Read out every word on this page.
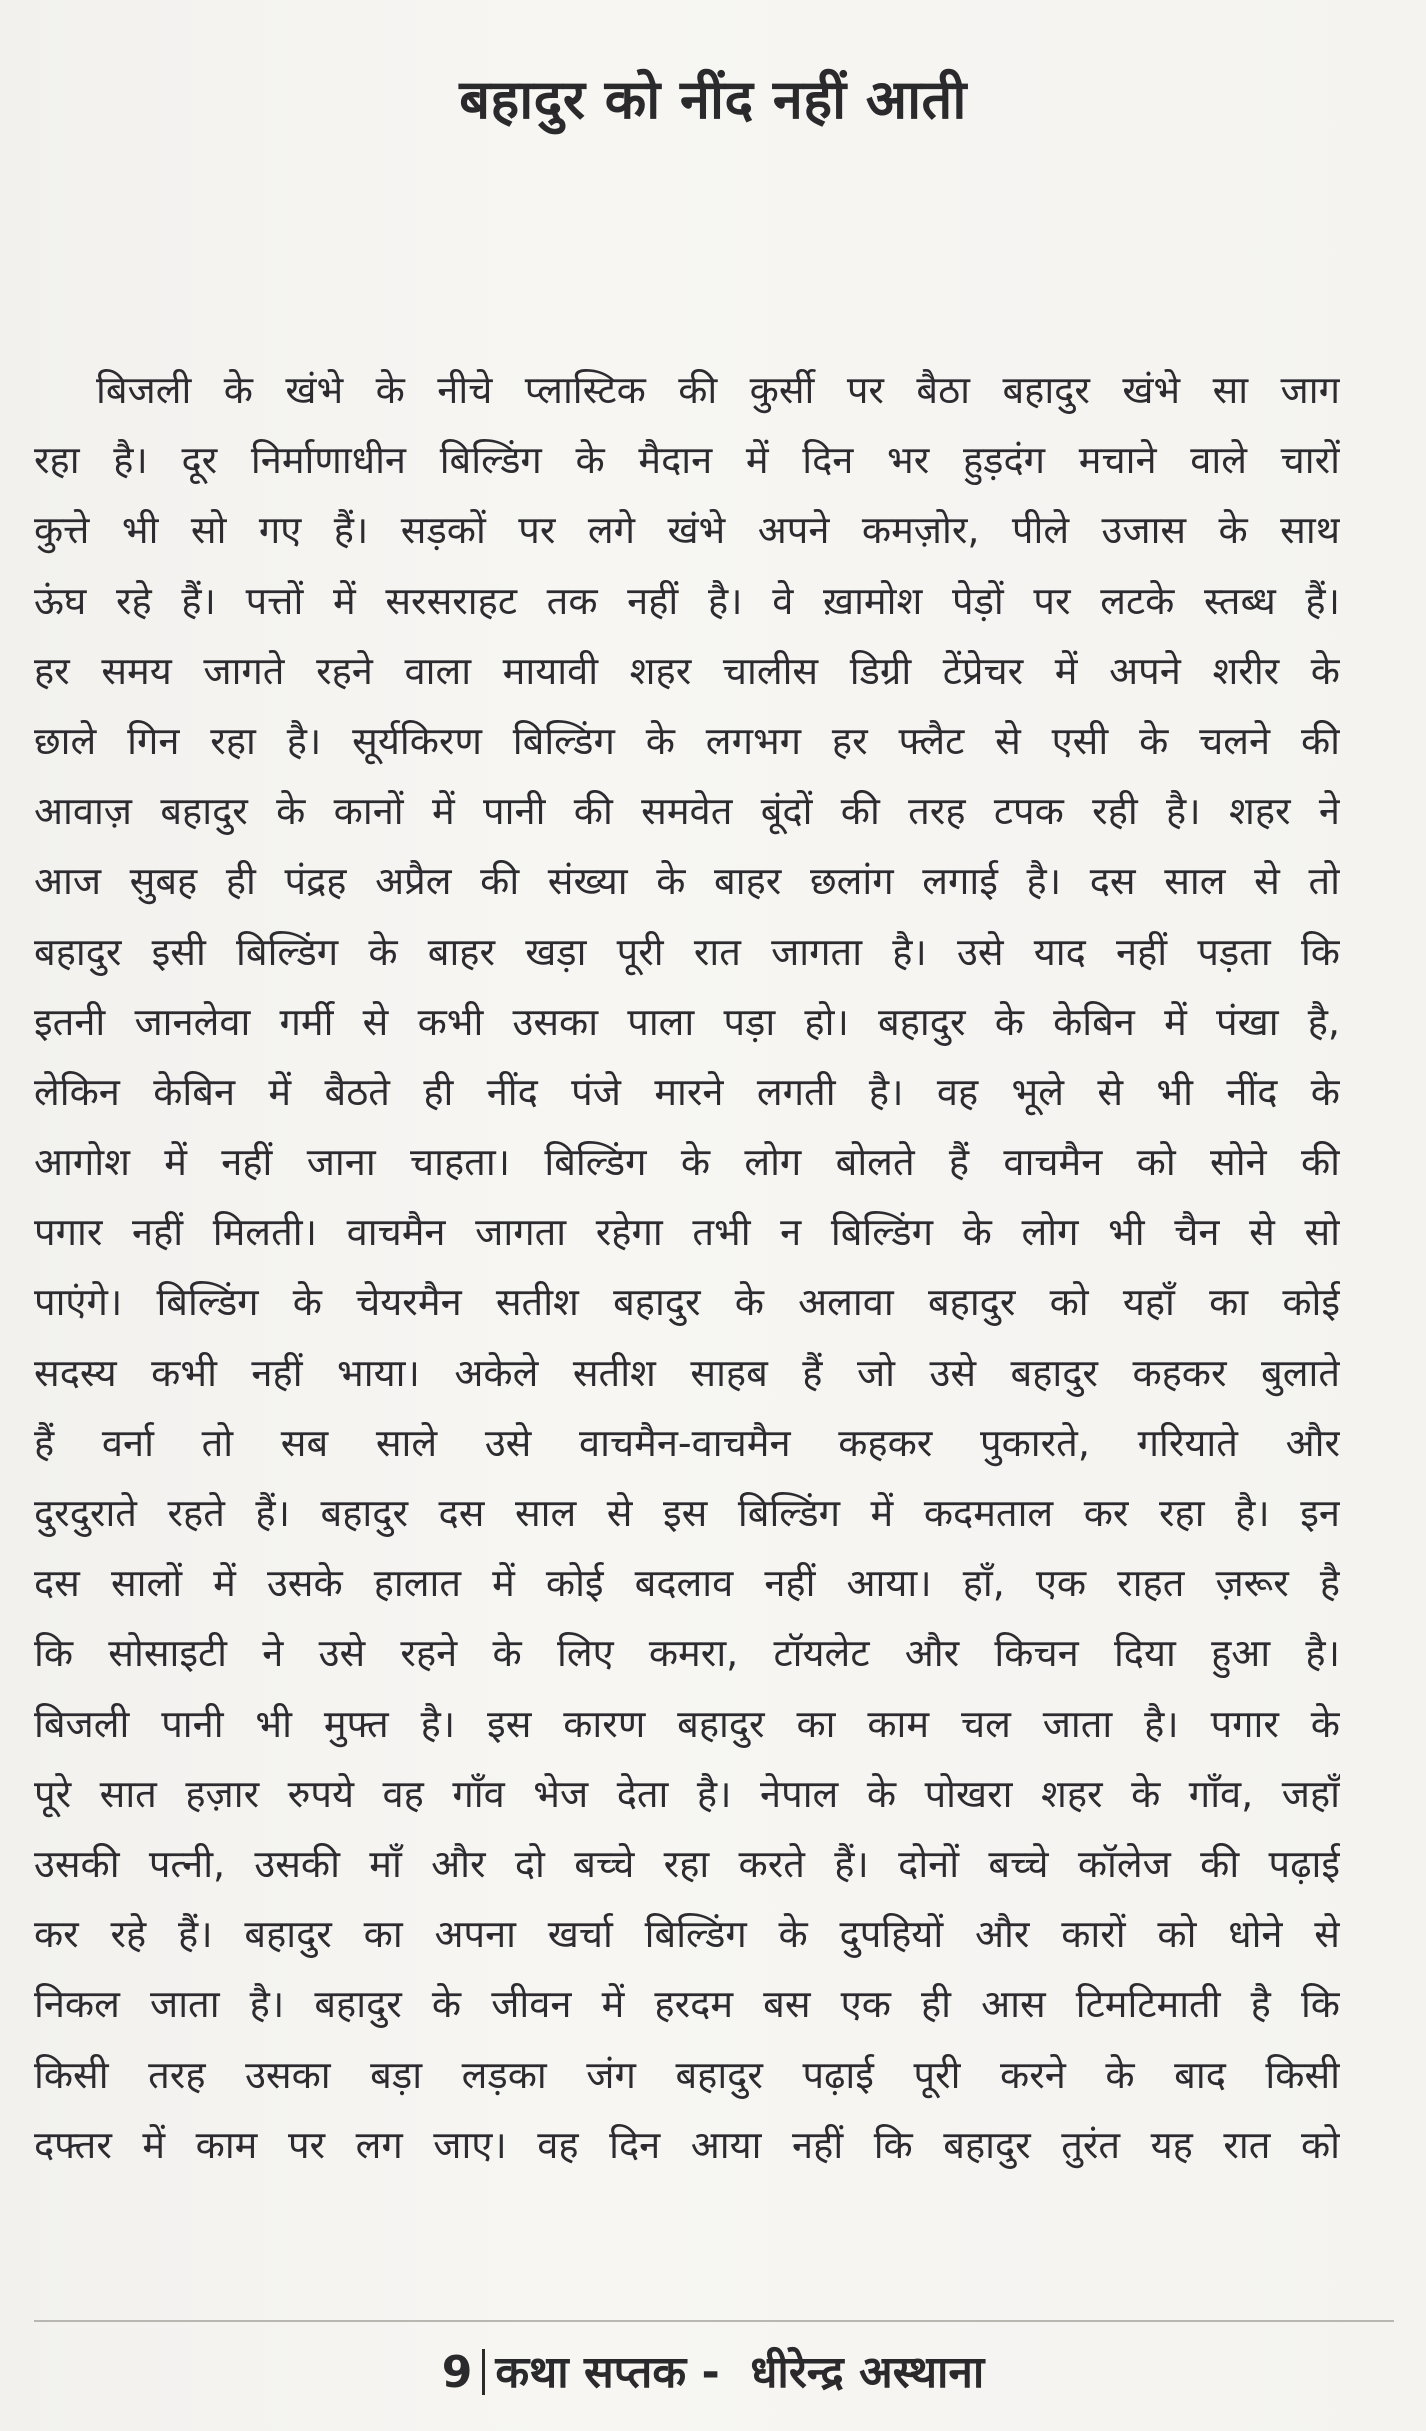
बहादुर को नींद नहीं आती
बिजली के खंभे के नीचे प्लास्टिक की कुर्सी पर बैठा बहादुर खंभे सा जाग
रहा है। दूर निर्माणाधीन बिल्डिंग के मैदान में दिन भर हुड़दंग मचाने वाले चारों
कुत्ते भी सो गए हैं। सड़कों पर लगे खंभे अपने कमज़ोर, पीले उजास के साथ
ऊंघ रहे हैं। पत्तों में सरसराहट तक नहीं है। वे ख़ामोश पेड़ों पर लटके स्तब्ध हैं।
हर समय जागते रहने वाला मायावी शहर चालीस डिग्री टेंप्रेचर में अपने शरीर के
छाले गिन रहा है। सूर्यकिरण बिल्डिंग के लगभग हर फ्लैट से एसी के चलने की
आवाज़ बहादुर के कानों में पानी की समवेत बूंदों की तरह टपक रही है। शहर ने
आज सुबह ही पंद्रह अप्रैल की संख्या के बाहर छलांग लगाई है। दस साल से तो
बहादुर इसी बिल्डिंग के बाहर खड़ा पूरी रात जागता है। उसे याद नहीं पड़ता कि
इतनी जानलेवा गर्मी से कभी उसका पाला पड़ा हो। बहादुर के केबिन में पंखा है,
लेकिन केबिन में बैठते ही नींद पंजे मारने लगती है। वह भूले से भी नींद के
आगोश में नहीं जाना चाहता। बिल्डिंग के लोग बोलते हैं वाचमैन को सोने की
पगार नहीं मिलती। वाचमैन जागता रहेगा तभी न बिल्डिंग के लोग भी चैन से सो
पाएंगे। बिल्डिंग के चेयरमैन सतीश बहादुर के अलावा बहादुर को यहाँ का कोई
सदस्य कभी नहीं भाया। अकेले सतीश साहब हैं जो उसे बहादुर कहकर बुलाते
हैं वर्ना तो सब साले उसे वाचमैन-वाचमैन कहकर पुकारते, गरियाते और
दुरदुराते रहते हैं। बहादुर दस साल से इस बिल्डिंग में कदमताल कर रहा है। इन
दस सालों में उसके हालात में कोई बदलाव नहीं आया। हाँ, एक राहत ज़रूर है
कि सोसाइटी ने उसे रहने के लिए कमरा, टॉयलेट और किचन दिया हुआ है।
बिजली पानी भी मुफ्त है। इस कारण बहादुर का काम चल जाता है। पगार के
पूरे सात हज़ार रुपये वह गाँव भेज देता है। नेपाल के पोखरा शहर के गाँव, जहाँ
उसकी पत्नी, उसकी माँ और दो बच्चे रहा करते हैं। दोनों बच्चे कॉलेज की पढ़ाई
कर रहे हैं। बहादुर का अपना खर्चा बिल्डिंग के दुपहियों और कारों को धोने से
निकल जाता है। बहादुर के जीवन में हरदम बस एक ही आस टिमटिमाती है कि
किसी तरह उसका बड़ा लड़का जंग बहादुर पढ़ाई पूरी करने के बाद किसी
दफ्तर में काम पर लग जाए। वह दिन आया नहीं कि बहादुर तुरंत यह रात को
9 कथा सप्तक - धीरेन्द्र अस्थाना
